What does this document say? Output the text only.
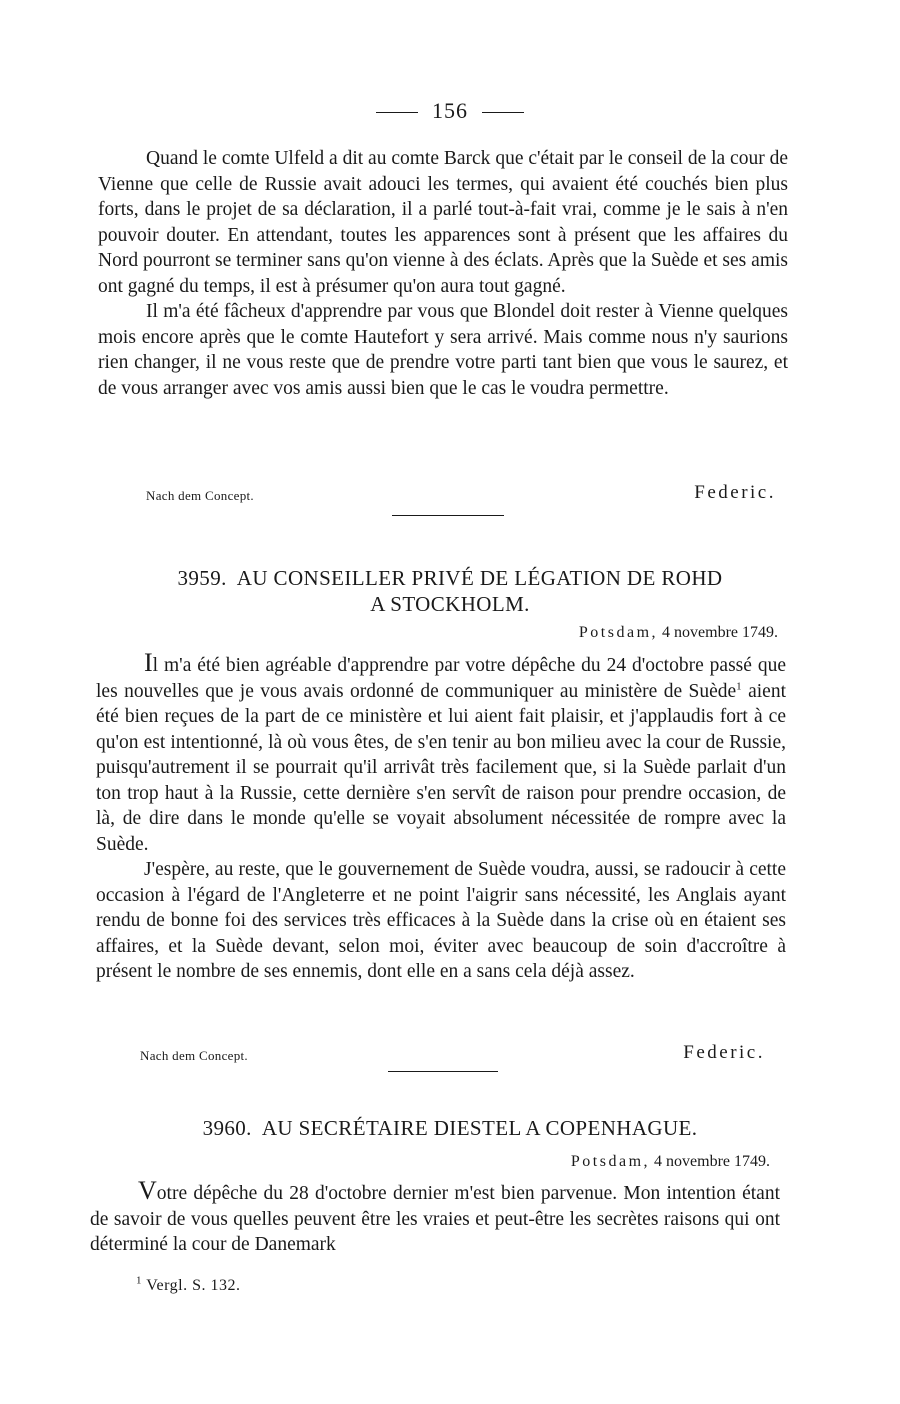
156

Quand le comte Ulfeld a dit au comte Barck que c'était par le conseil de la cour de Vienne que celle de Russie avait adouci les termes, qui avaient été couchés bien plus forts, dans le projet de sa déclaration, il a parlé tout-à-fait vrai, comme je le sais à n'en pouvoir douter. En attendant, toutes les apparences sont à présent que les affaires du Nord pourront se terminer sans qu'on vienne à des éclats. Après que la Suède et ses amis ont gagné du temps, il est à présumer qu'on aura tout gagné.

Il m'a été fâcheux d'apprendre par vous que Blondel doit rester à Vienne quelques mois encore après que le comte Hautefort y sera arrivé. Mais comme nous n'y saurions rien changer, il ne vous reste que de prendre votre parti tant bien que vous le saurez, et de vous arranger avec vos amis aussi bien que le cas le voudra permettre.

Nach dem Concept.	Federic.
3959. AU CONSEILLER PRIVÉ DE LÉGATION DE ROHD
A STOCKHOLM.
Potsdam, 4 novembre 1749.

Il m'a été bien agréable d'apprendre par votre dépêche du 24 d'octobre passé que les nouvelles que je vous avais ordonné de communiquer au ministère de Suède$^1$ aient été bien reçues de la part de ce ministère et lui aient fait plaisir, et j'applaudis fort à ce qu'on est intentionné, là où vous êtes, de s'en tenir au bon milieu avec la cour de Russie, puisqu'autrement il se pourrait qu'il arrivât très facilement que, si la Suède parlait d'un ton trop haut à la Russie, cette dernière s'en servît de raison pour prendre occasion, de là, de dire dans le monde qu'elle se voyait absolument nécessitée de rompre avec la Suède.

J'espère, au reste, que le gouvernement de Suède voudra, aussi, se radoucir à cette occasion à l'égard de l'Angleterre et ne point l'aigrir sans nécessité, les Anglais ayant rendu de bonne foi des services très efficaces à la Suède dans la crise où en étaient ses affaires, et la Suède devant, selon moi, éviter avec beaucoup de soin d'accroître à présent le nombre de ses ennemis, dont elle en a sans cela déjà assez.

Nach dem Concept.	Federic.
3960. AU SECRÉTAIRE DIESTEL A COPENHAGUE.
Potsdam, 4 novembre 1749.

Votre dépêche du 28 d'octobre dernier m'est bien parvenue. Mon intention étant de savoir de vous quelles peuvent être les vraies et peut-être les secrètes raisons qui ont déterminé la cour de Danemark

$^1$ Vergl. S. 132.
